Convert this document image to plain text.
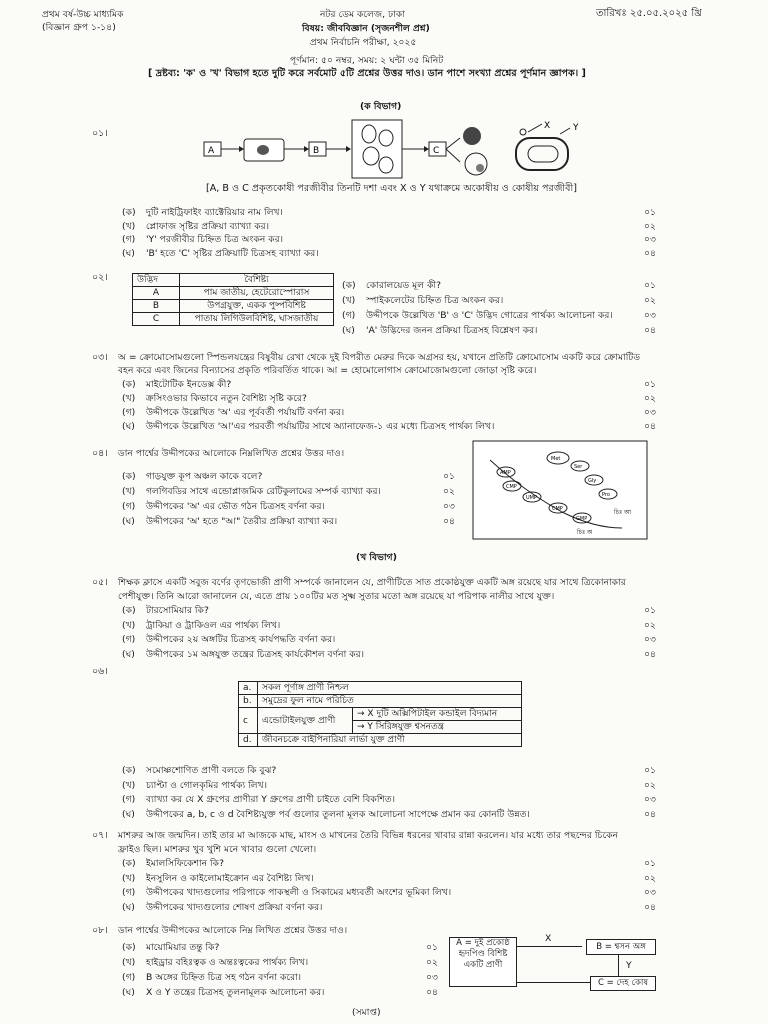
প্রথম বর্ষ-উচ্চ মাধ্যমিক
(বিজ্ঞান গ্রুপ ১-১৪)
নটর ডেম কলেজ, ঢাকা	তারিখঃ ২৫.০৫.২০২৫ খ্রি
বিষয়: জীববিজ্ঞান (সৃজনশীল প্রশ্ন)
প্রথম নির্বাচনি পরীক্ষা, ২০২৫
পূর্ণমান: ৫০ নম্বর, সময়: ২ ঘন্টা ৩৫ মিনিট
[ দ্রষ্টব্য: 'ক' ও 'খ' বিভাগ হতে দুটি করে সর্বমোট ৫টি প্রশ্নের উত্তর দাও। ডান পাশে সংখ্যা প্রশ্নের পূর্ণমান জ্ঞাপক। ]
(ক বিভাগ)
০১।
A	B	C
X	Y
[A, B ও C প্রকৃতকোষী পরজীবীর তিনটি দশা এবং X ও Y যথাক্রমে অকোষীয় ও কোষীয় পরজীবী]
০২।	উদ্ভিদ	বৈশিষ্ট্য
A	পাম জাতীয়, হেটেরোস্পোরাস
B	উপগ্রযুক্ত, একক পুষ্পবিশিষ্ট
C	পাতায় লিগিউলবিশিষ্ট, ঘাসজাতীয়
০৩। অ = ক্রোমোসোমগুলো স্পিন্ডলযন্ত্রের বিষুবীয় রেখা থেকে দুই বিপরীত মেরুর দিকে অগ্রসর হয়, যখানে প্রতিটি ক্রোমোসোম একটি করে ক্রোমাটিড
বহন করে এবং জিনের বিন্যাসের প্রকৃতি পরিবর্তিত থাকে। আ = হোমোলোগাস ক্রোমোজোমগুলো জোড়া সৃষ্টি করে।
০৪। ডান পার্শ্বের উদ্দীপকের আলোকে নিম্নলিখিত প্রশ্নের উত্তর দাও।
AMP
CMP
UMP
CMP
GMP
Met
Ser
Gly
Pro
চিঃ আ
চিঃ অ
(খ বিভাগ)
০৫। শিক্ষক ক্লাসে একটি সবুজ বর্ণের তৃণভোজী প্রাণী সম্পর্কে জানালেন যে, প্রাণীটিতে সাত প্রকোষ্ঠযুক্ত একটি অঙ্গ রয়েছে যার সাথে ত্রিকোনাকার
পেশীযুক্ত। তিনি আরো জানালেন যে, এতে প্রায় ১০০টির মত সুক্ষ্ম সুতার মতো অঙ্গ রয়েছে যা পরিপাক নালীর সাথে যুক্ত।
০৬।
a.	সকল পূর্ণাঙ্গ প্রাণী নিশ্চল	
b.	সমুদ্রের ফুল নামে পরিচিত	
c	এন্ডোটাইলযুক্ত প্রাণী	→ X দুটি অক্সিপিটাইল কন্ডাইল বিদ্যমান
		→ Y সিরিঙ্গযুক্ত শ্বসনতন্ত্র
d.	জীবনচক্রে বাইপিনারিয়া লার্ভা যুক্ত প্রাণী	
০৭। মাশরুর আজ জন্মদিন। তাই তার মা আজকে মাছ, মাংস ও মাখনের তৈরি বিভিন্ন ধরনের খাবার রান্না করলেন। যার মধ্যে তার পছন্দের চিকেন
ফ্রাইও ছিল। মাশরুর খুব খুশি মনে খাবার গুলো খেলো।
০৮। ডান পার্শ্বের উদ্দীপকের আলোকে নিম্ন লিখিত প্রশ্নের উত্তর দাও।
A = দুই প্রকোষ্ঠ হৃদপিণ্ড বিশিষ্ট একটি প্রাণী
X
B = শ্বসন অঙ্গ
Y
C = দেহ কোষ
(সমাপ্ত)
(ক) দুটি নাইট্রিফাইং ব্যাক্টেরিয়ার নাম লিখ।	০১
(খ) প্লোফাজ সৃষ্টির প্রক্রিয়া ব্যাখ্যা কর।	০২
(গ) 'Y' পরজীবীর চিহ্নিত চিত্র অংকন কর।	০৩
(ঘ) 'B' হতে 'C' সৃষ্টির প্রক্রিয়াটি চিত্রসহ ব্যাখ্যা কর।	০৪
(ক) কোরালয়েড মূল কী?	০১
(খ) স্পাইকলেটের চিহ্নিত চিত্র অংকন কর।	০২
(গ) উদ্দীপকে উল্লেখিত 'B' ও 'C' উদ্ভিদ গোত্রের পার্থক্য আলোচনা কর।	০৩
(ঘ) 'A' উদ্ভিদের জনন প্রক্রিয়া চিত্রসহ বিশ্লেষণ কর।	০৪
(ক) মাইটোটিক ইনডেক্স কী?	০১
(খ) ক্রসিংওভার কিভাবে নতুন বৈশিষ্ট্য সৃষ্টি করে?	০২
(গ) উদ্দীপকে উল্লেখিত 'অ' এর পূর্ববর্তী পর্যায়টি বর্ণনা কর।	০৩
(ঘ) উদ্দীপকে উল্লেখিত 'আ'এর পরবর্তী পর্যায়টির সাথে অ্যানাফেজ-১ এর মধ্যে চিত্রসহ পার্থক্য লিখ।	০৪
(ক) গাড়যুক্ত কূপ অঞ্চল কাকে বলে?	০১
(খ) গলগিবডির সাথে এন্ডোপ্লাজমিক রেটিকুলামের সম্পর্ক ব্যাখ্যা কর।	০২
(গ) উদ্দীপকের 'অ' এর ভৌত গঠন চিত্রসহ বর্ণনা কর।	০৩
(ঘ) উদ্দীপকের 'অ' হতে "আ" তৈরীর প্রক্রিয়া ব্যাখ্যা কর।	০৪
(ক) টারসোমিয়ার কি?	০১
(খ) ট্রাকিয়া ও ট্রাকিওল এর পার্থক্য লিখ।	০২
(গ) উদ্দীপকের ২য় অঙ্গটির চিত্রসহ কার্যপদ্ধতি বর্ণনা কর।	০৩
(ঘ) উদ্দীপকের ১ম অঙ্গযুক্ত তন্ত্রের চিত্রসহ কার্যকৌশল বর্ণনা কর।	০৪
(ক) সমোষ্ণশোণিত প্রাণী বলতে কি বুঝ?	০১
(খ) চ্যাপ্টা ও গোলকৃমির পার্থক্য লিখ।	০২
(গ) ব্যাখ্যা কর যে X গ্রুপের প্রাণীরা Y গ্রুপের প্রাণী চাইতে বেশি বিকশিত।	০৩
(ঘ) উদ্দীপকের a, b, c ও d বৈশিষ্ট্যযুক্ত পর্ব গুলোর তুলনা মূলক আলোচনা সাপেক্ষে প্রমান কর কোনটি উন্নত।	০৪
(ক) ইমালসিফিকেশান কি?	০১
(খ) ইনসুলিন ও কাইলোমাইক্রোন এর বৈশিষ্ট্য লিখ।	০২
(গ) উদ্দীপকের খাদ্যগুলোর পরিপাকে পাকস্থলী ও সিকামের মধ্যবর্তী অংশের ভূমিকা লিখ।	০৩
(ঘ) উদ্দীপকের খাদ্যগুলোর শোষণ প্রক্রিয়া বর্ণনা কর।	০৪
(ক) মায়োমিয়ার তন্তু কি?	০১
(খ) হাইড্রার বহিঃত্বক ও অন্তঃত্বকের পার্থক্য লিখ।	০২
(গ) B অঙ্গের চিহ্নিত চিত্র সহ গঠন বর্ণনা করো।	০৩
(ঘ) X ও Y তন্ত্রের চিত্রসহ তুলনামূলক আলোচনা কর।	০৪
